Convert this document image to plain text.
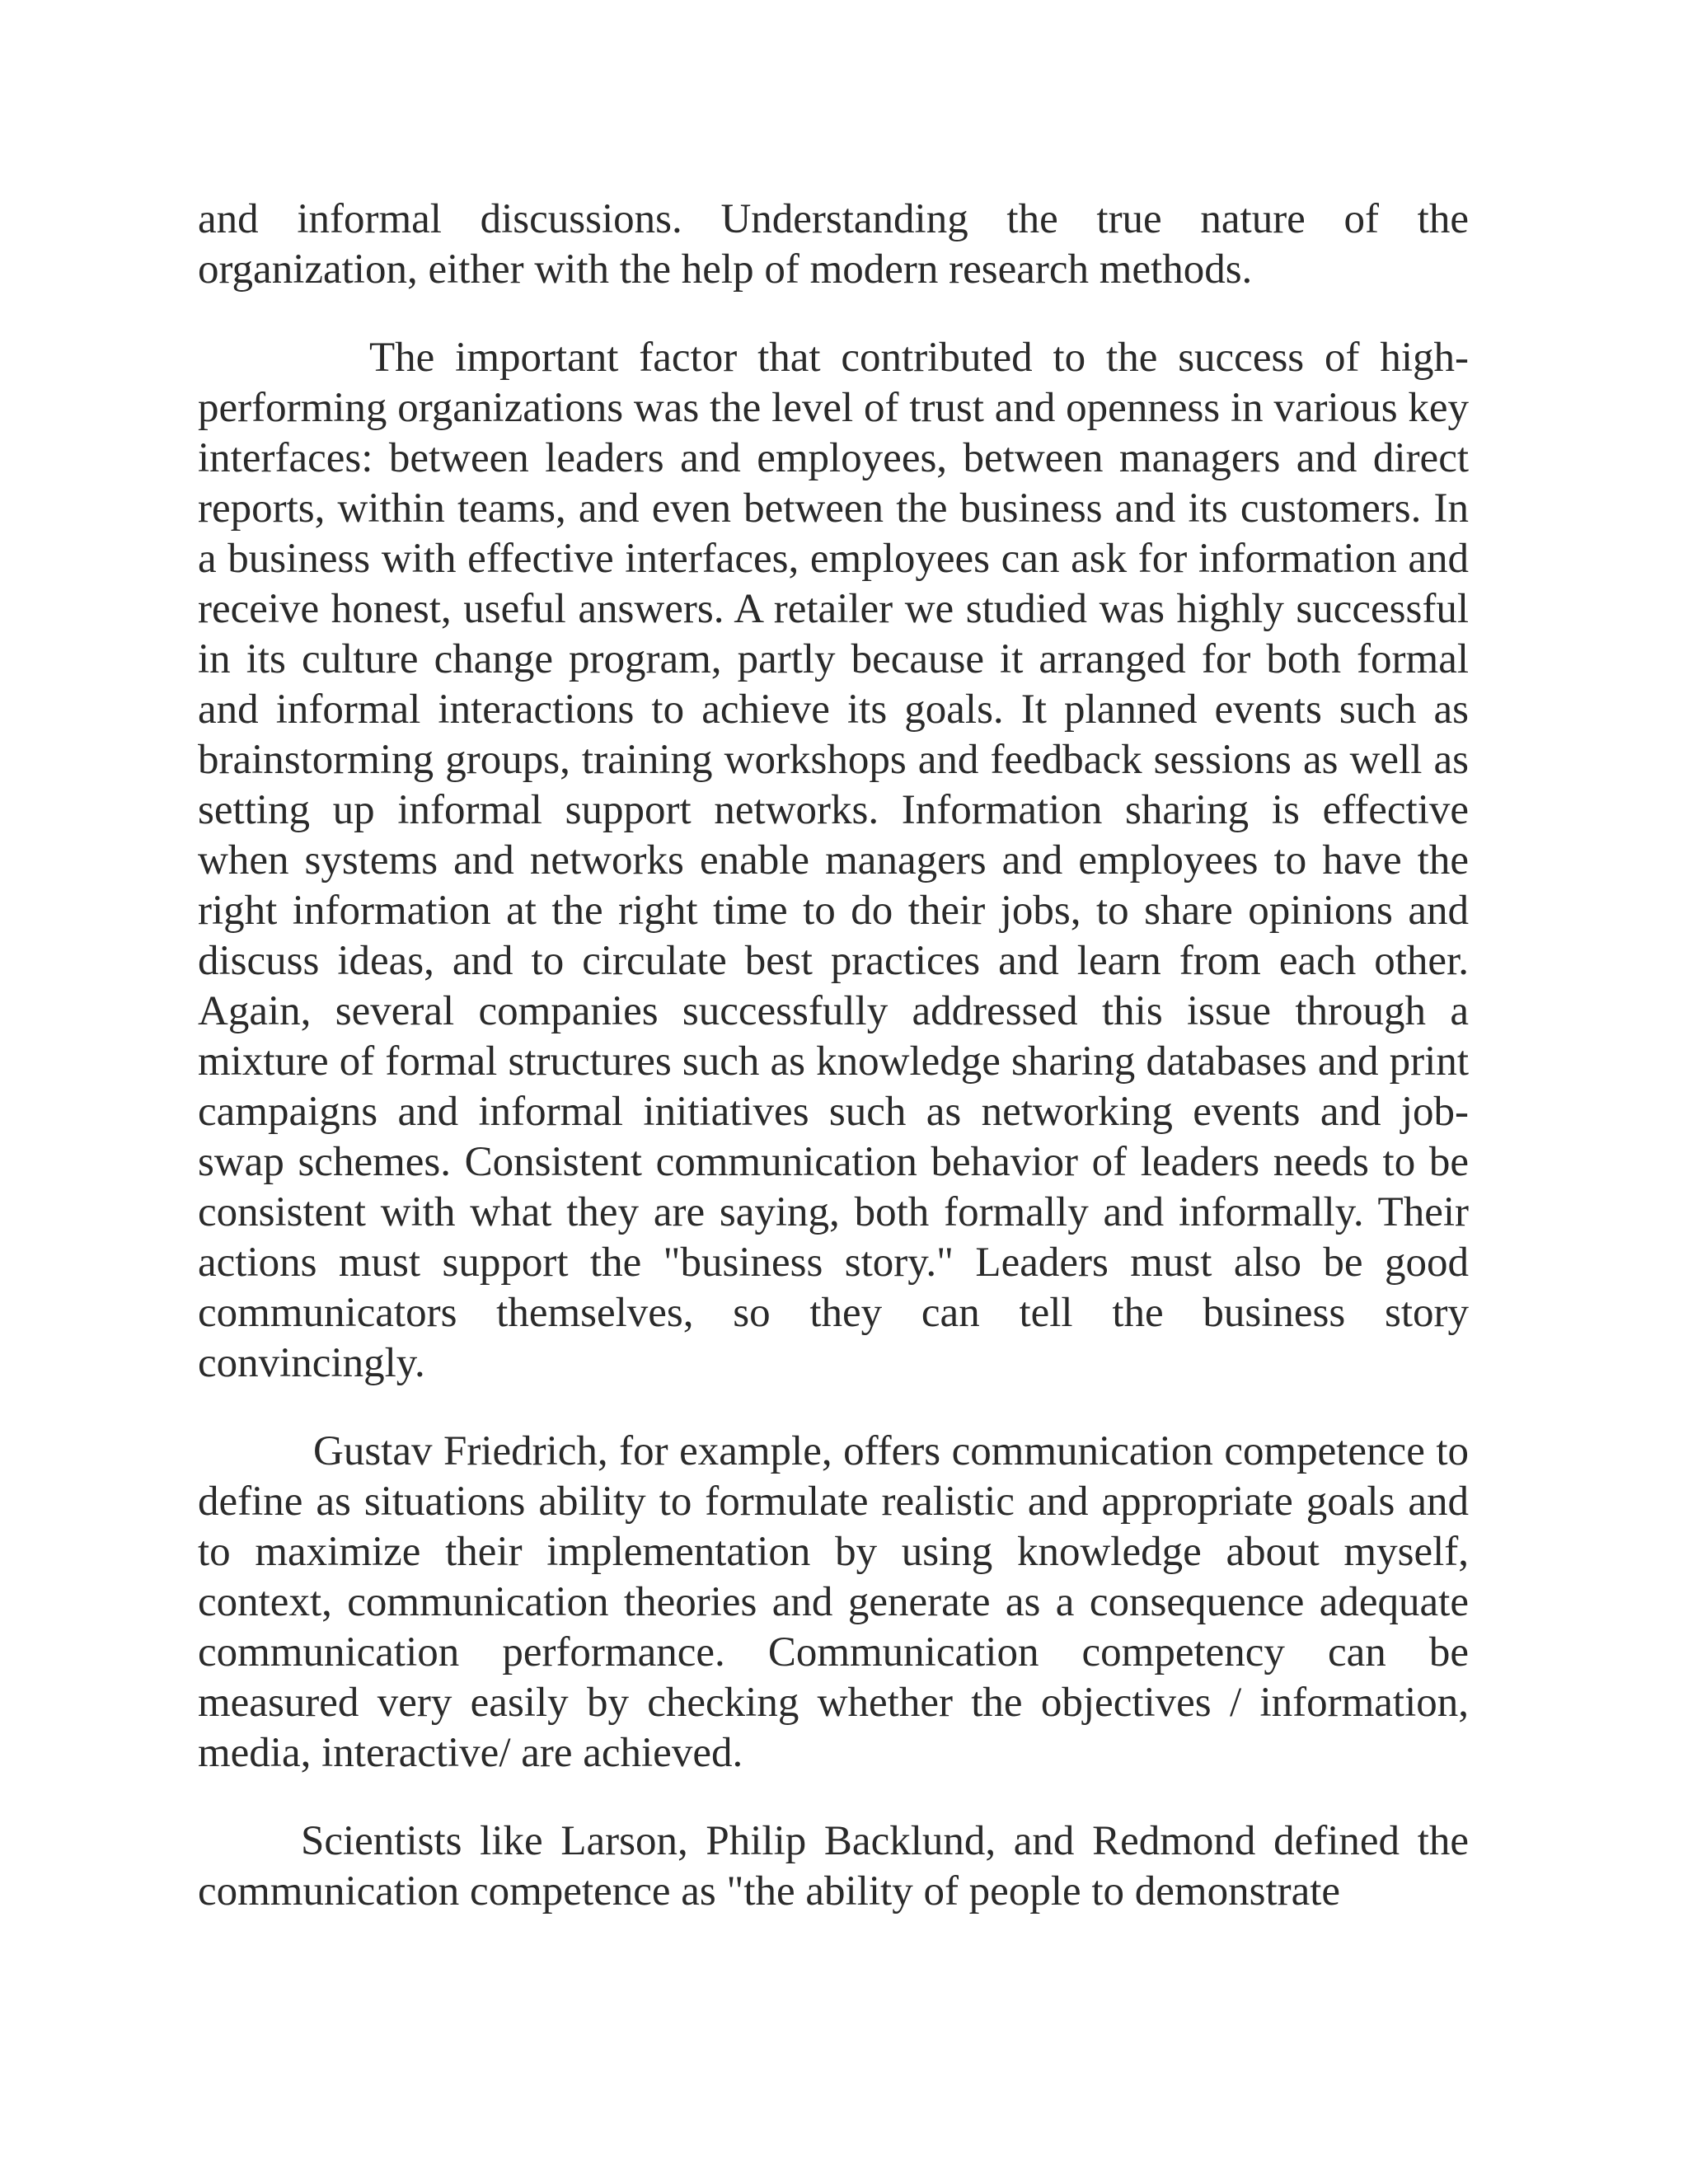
and informal discussions. Understanding the true nature of the organization, either with the help of modern research methods.

The important factor that contributed to the success of high-performing organizations was the level of trust and openness in various key interfaces: between leaders and employees, between managers and direct reports, within teams, and even between the business and its customers. In a business with effective interfaces, employees can ask for information and receive honest, useful answers. A retailer we studied was highly successful in its culture change program, partly because it arranged for both formal and informal interactions to achieve its goals. It planned events such as brainstorming groups, training workshops and feedback sessions as well as setting up informal support networks. Information sharing is effective when systems and networks enable managers and employees to have the right information at the right time to do their jobs, to share opinions and discuss ideas, and to circulate best practices and learn from each other. Again, several companies successfully addressed this issue through a mixture of formal structures such as knowledge sharing databases and print campaigns and informal initiatives such as networking events and job-swap schemes. Consistent communication behavior of leaders needs to be consistent with what they are saying, both formally and informally. Their actions must support the "business story." Leaders must also be good communicators themselves, so they can tell the business story convincingly.

Gustav Friedrich, for example, offers communication competence to define as situations ability to formulate realistic and appropriate goals and to maximize their implementation by using knowledge about myself, context, communication theories and generate as a consequence adequate communication performance. Communication competency can be measured very easily by checking whether the objectives / information, media, interactive/ are achieved.

Scientists like Larson, Philip Backlund, and Redmond defined the communication competence as "the ability of people to demonstrate
